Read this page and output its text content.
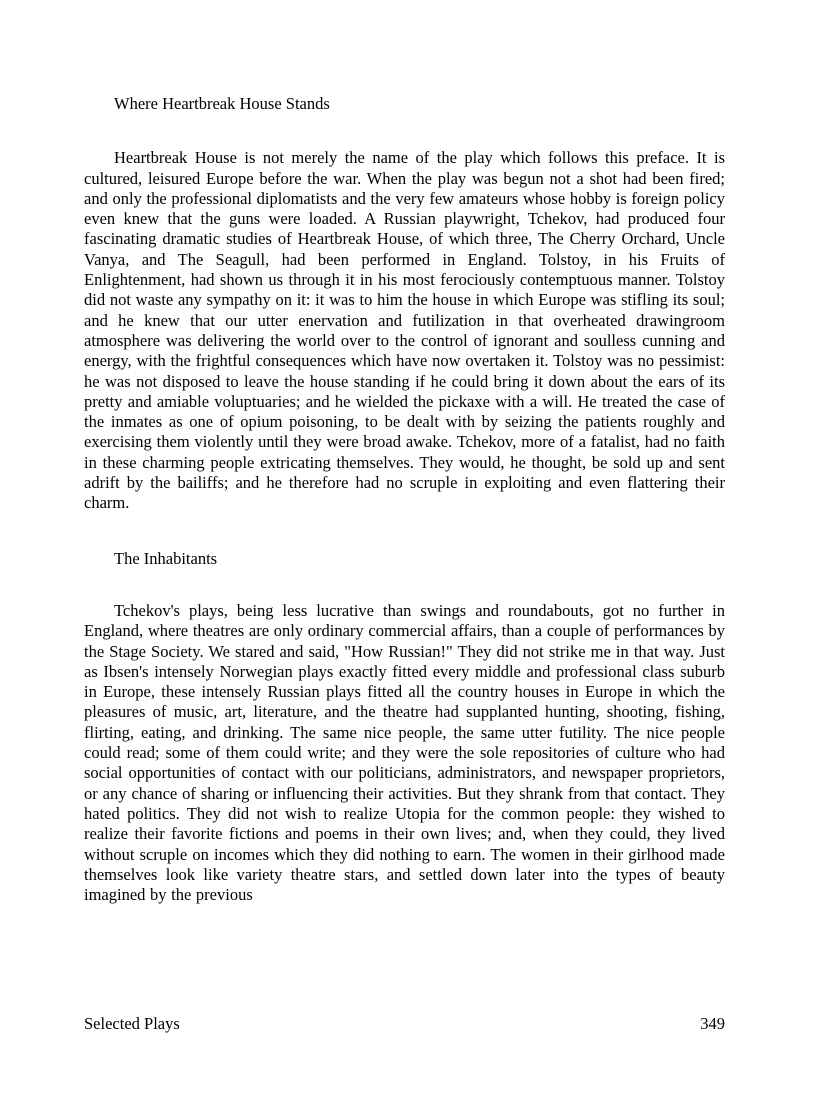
Where Heartbreak House Stands

Heartbreak House is not merely the name of the play which follows this preface. It is cultured, leisured Europe before the war. When the play was begun not a shot had been fired; and only the professional diplomatists and the very few amateurs whose hobby is foreign policy even knew that the guns were loaded. A Russian playwright, Tchekov, had produced four fascinating dramatic studies of Heartbreak House, of which three, The Cherry Orchard, Uncle Vanya, and The Seagull, had been performed in England. Tolstoy, in his Fruits of Enlightenment, had shown us through it in his most ferociously contemptuous manner. Tolstoy did not waste any sympathy on it: it was to him the house in which Europe was stifling its soul; and he knew that our utter enervation and futilization in that overheated drawingroom atmosphere was delivering the world over to the control of ignorant and soulless cunning and energy, with the frightful consequences which have now overtaken it. Tolstoy was no pessimist: he was not disposed to leave the house standing if he could bring it down about the ears of its pretty and amiable voluptuaries; and he wielded the pickaxe with a will. He treated the case of the inmates as one of opium poisoning, to be dealt with by seizing the patients roughly and exercising them violently until they were broad awake. Tchekov, more of a fatalist, had no faith in these charming people extricating themselves. They would, he thought, be sold up and sent adrift by the bailiffs; and he therefore had no scruple in exploiting and even flattering their charm.

The Inhabitants

Tchekov's plays, being less lucrative than swings and roundabouts, got no further in England, where theatres are only ordinary commercial affairs, than a couple of performances by the Stage Society. We stared and said, "How Russian!" They did not strike me in that way. Just as Ibsen's intensely Norwegian plays exactly fitted every middle and professional class suburb in Europe, these intensely Russian plays fitted all the country houses in Europe in which the pleasures of music, art, literature, and the theatre had supplanted hunting, shooting, fishing, flirting, eating, and drinking. The same nice people, the same utter futility. The nice people could read; some of them could write; and they were the sole repositories of culture who had social opportunities of contact with our politicians, administrators, and newspaper proprietors, or any chance of sharing or influencing their activities. But they shrank from that contact. They hated politics. They did not wish to realize Utopia for the common people: they wished to realize their favorite fictions and poems in their own lives; and, when they could, they lived without scruple on incomes which they did nothing to earn. The women in their girlhood made themselves look like variety theatre stars, and settled down later into the types of beauty imagined by the previous

Selected Plays	349
